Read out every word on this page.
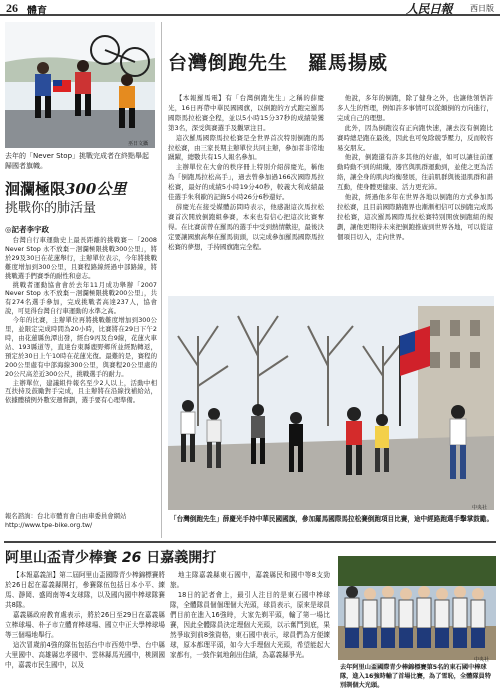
26 體育	人民日報 西日版
巫日文攝
去年的「Never Stop」挑戰完成者在終點舉起歸國者旗幟。
洄瀾極限300公里
挑戰你的肺活量
◎記者李宇政

台灣自行車運動史上最長距離的挑戰賽－「2008 Never Stop 永不放棄－洄瀾極限挑戰300公里」，將於29及30日在花蓮舉行，主辦單位表示，今年將挑戰難度增加到300公里，且賽程路線經過中部路線，將挑戰選手們賽季的耐性和意志。

挑戰者運動協會會於去年11月成功舉辦「2007 Never Stop 永不放棄－洄瀾極限挑戰200公里」，共有274名選手參加，完成挑戰者高達237人，協會說，可見得台灣自行車運動的水準之高。

今年的比賽，主辦單位再將挑戰難度增加到300公里，並限定完成時間為20小時，比賽將在29日下午2時，由花蓮縣魚潭出發，經台9丙及台9線，花蓮火車站、193縣道等，直達台東縣鹿野鄉所並經點轉返，預定於30日上午10時在花蓮光復。最難的是，賽程的200公里處有中部海線300公里，與賽程20公里處的20公尺高差近300公尺，挑戰選手的耐力。

主辦單位，建議組件報名至少2人以上，活動中相互扶持及鼓勵對手完成，且主辦將在沿線找補給站，依據體積例外數安週督劃，選手要有心理準備。

報名諮詢：台北市體育會自由車委員會網站
http://www.tpe-bike.org.tw/
台灣倒跑先生　羅馬揚威

【本報羅馬電】有「台灣倒跑先生」之稱的薛慶光，16日再帶中華民國國旗，以倒跑的方式跑完羅馬國際馬拉松賽全程，並以5小時15分37秒的成績榮獲第3名，深受與賽選手及觀眾注目。

這次羅馬國際馬拉松賽是全世界首次特別倒跑的馬拉松賽，由三家長期主辦單位共同主辦，參加者非常地踴躍，總數共有15人報名參加。

主辦單位在大會的秩序冊上特別介紹薛慶光，稱他為「倒跑馬拉松高手」，過去曾參加過166次國際馬拉松賽，最好的成績5小時19分40秒，較義大利成績最佳選手朱利歐的記錄5小時26分6秒還好。

薛慶光在接受媒體訪問時表示，他感謝這次馬拉松賽首次開放倒跑組參賽，本來也有信心把這次比賽奪得。在比賽前曾在羅馬的選手中受到熱情歡迎，最後決定要讓國旗高舉在羅馬街頭，以完成參加羅馬國際馬拉松賽的夢想，手持國旗跑完全程。

他說，多年的倒跑，除了健身之外，也讓他領悟許多人生的哲理，例如許多事情可以從顛倒的方向進行，完成自己的理想。

此外，因為倒跑沒有正向跑快速，讓去沒有倒跑比賽時總是跑在最後，因此也可免除競爭壓力，反而較容易交朋友。

他說，倒跑還有許多其他的好處，如可以讓往前運動時動不到的組織，器官與肌群運動到，並使之更為活絡，讓全身的肌肉均衡發展，往前肌群與後退肌群和諧互動，使身體更健康、活力更充沛。

他說，經過他多年在世界各地以倒跑的方式參加馬拉松賽，且目前國際路跑界也漸漸相信可以倒跑完成馬拉松賽，這次羅馬國際馬拉松賽特別開放倒跑組的規劃，讓他更期待未來把倒跑推廣到世界各地，可以從這個項目切入，走向世界。

中央社
「台灣倒跑先生」薛慶光手持中華民國國旗，參加羅馬國際馬拉松賽倒跑項目比賽，途中經路跑選手擊掌鼓勵。
阿里山盃青少棒賽 26 日嘉義開打

【本報嘉義訊】第二屆阿里山盃國際青少棒錦標賽將於26日起在嘉義縣開打，參賽隊伍包括日本小平、練馬、靜岡、盛岡南等4支球隊，以及國內國中棒球隊賽共8隊。

嘉義縣政府教育處表示，將於26日至29日在嘉義縣立棒球場、朴子市立體育棒球場、國立中正大學棒球場等三個場地舉行。

這次冒歲前4強的隊伍包括台中市西苑中學、台中縣大里國中、高雄縣忠孝國中、雲林縣馬光國中，桃園國中，嘉義市民生國中，以及

地主隊嘉義縣東石國中，嘉義縣民和國中等8支勁旅。

18日的記者會上，最引人注目的是東石國中棒球隊，全體隊員個個理個大光頭，球員表示，原來是球員們目前在進入16強時，大家先剃平頭，輸了第一場比賽，因此全體隊員決定理個大光頭，以示奮鬥到底，果然爭取到前8強資格，東石國中表示，球員們為方便練球，原本都理平頭，如今大手理個大光頭，希望能起大家都有，一鼓作氣地創出佳績，為嘉義縣爭光。

中央社
去年阿里山盃國際青少棒錦標賽第5名的東石國中棒球隊，進入16強時輸了首場比賽，為了雪恥，全體隊員特別剃個大光頭。
